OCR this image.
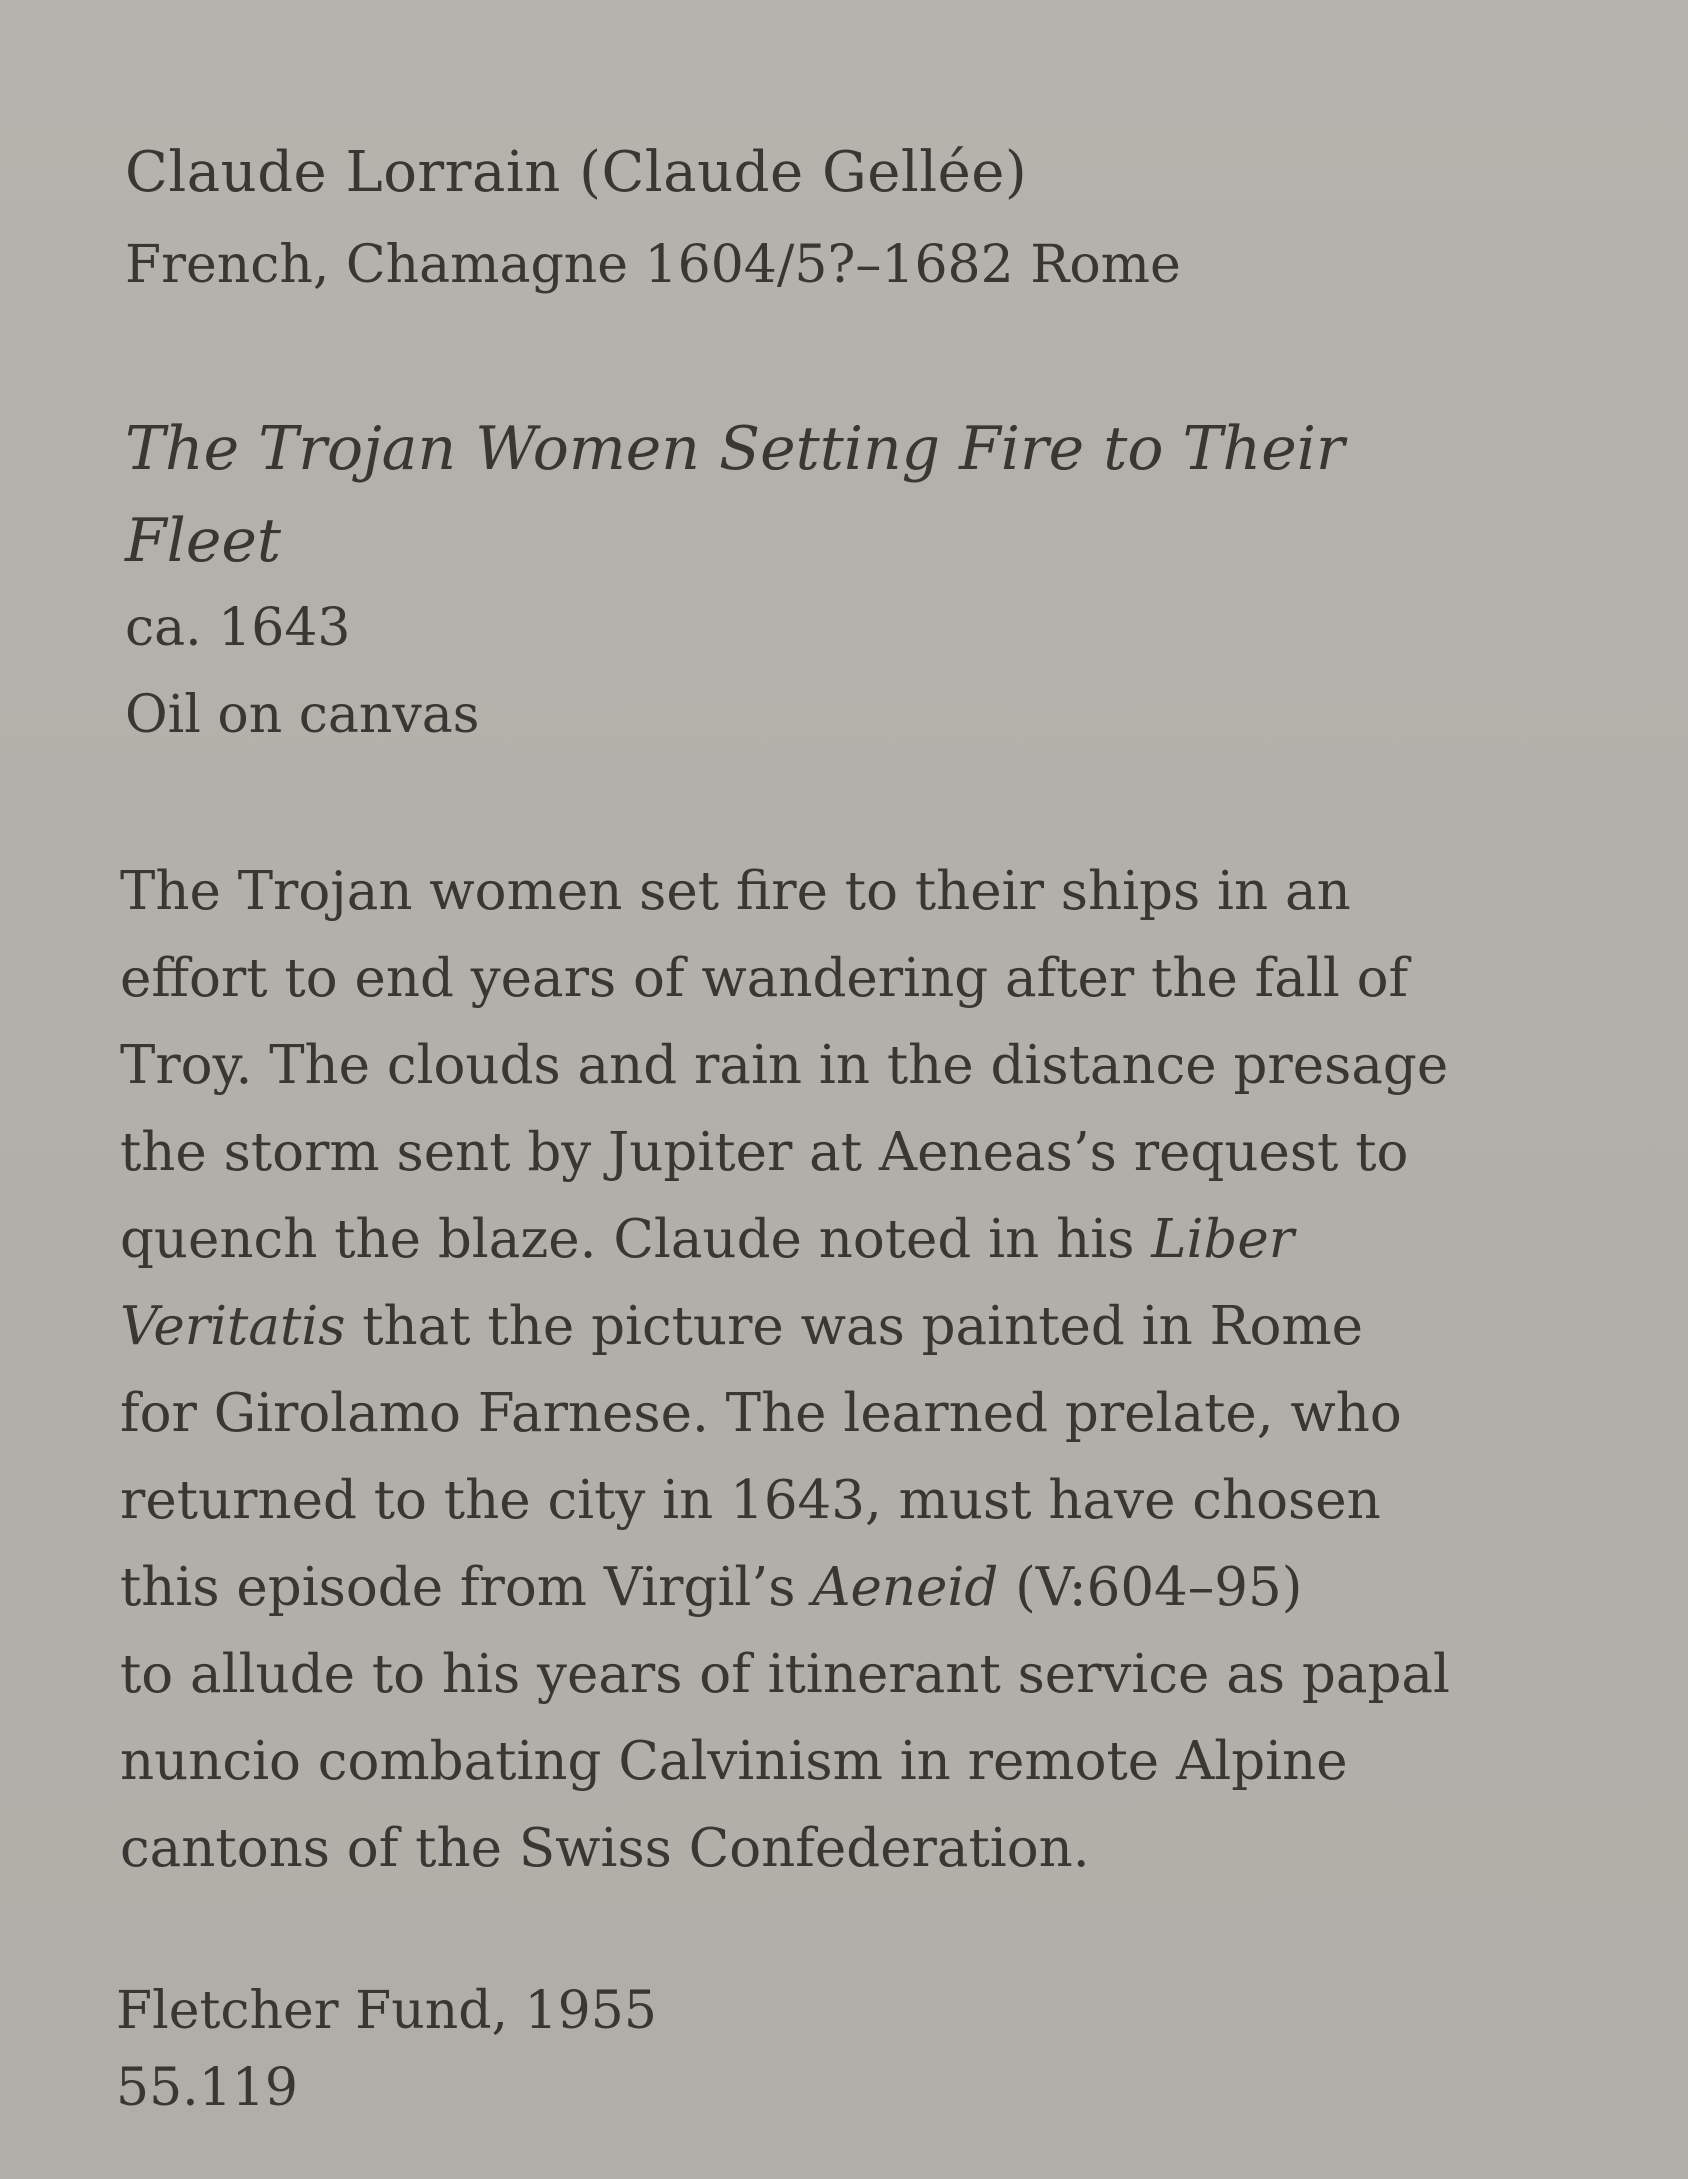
Claude Lorrain (Claude Gellée)
French, Chamagne 1604/5?–1682 Rome
The Trojan Women Setting Fire to Their
Fleet
ca. 1643
Oil on canvas
The Trojan women set fire to their ships in an
effort to end years of wandering after the fall of
Troy. The clouds and rain in the distance presage
the storm sent by Jupiter at Aeneas’s request to
quench the blaze. Claude noted in his Liber
Veritatis that the picture was painted in Rome
for Girolamo Farnese. The learned prelate, who
returned to the city in 1643, must have chosen
this episode from Virgil’s Aeneid (V:604–95)
to allude to his years of itinerant service as papal
nuncio combating Calvinism in remote Alpine
cantons of the Swiss Confederation.
Fletcher Fund, 1955
55.119
